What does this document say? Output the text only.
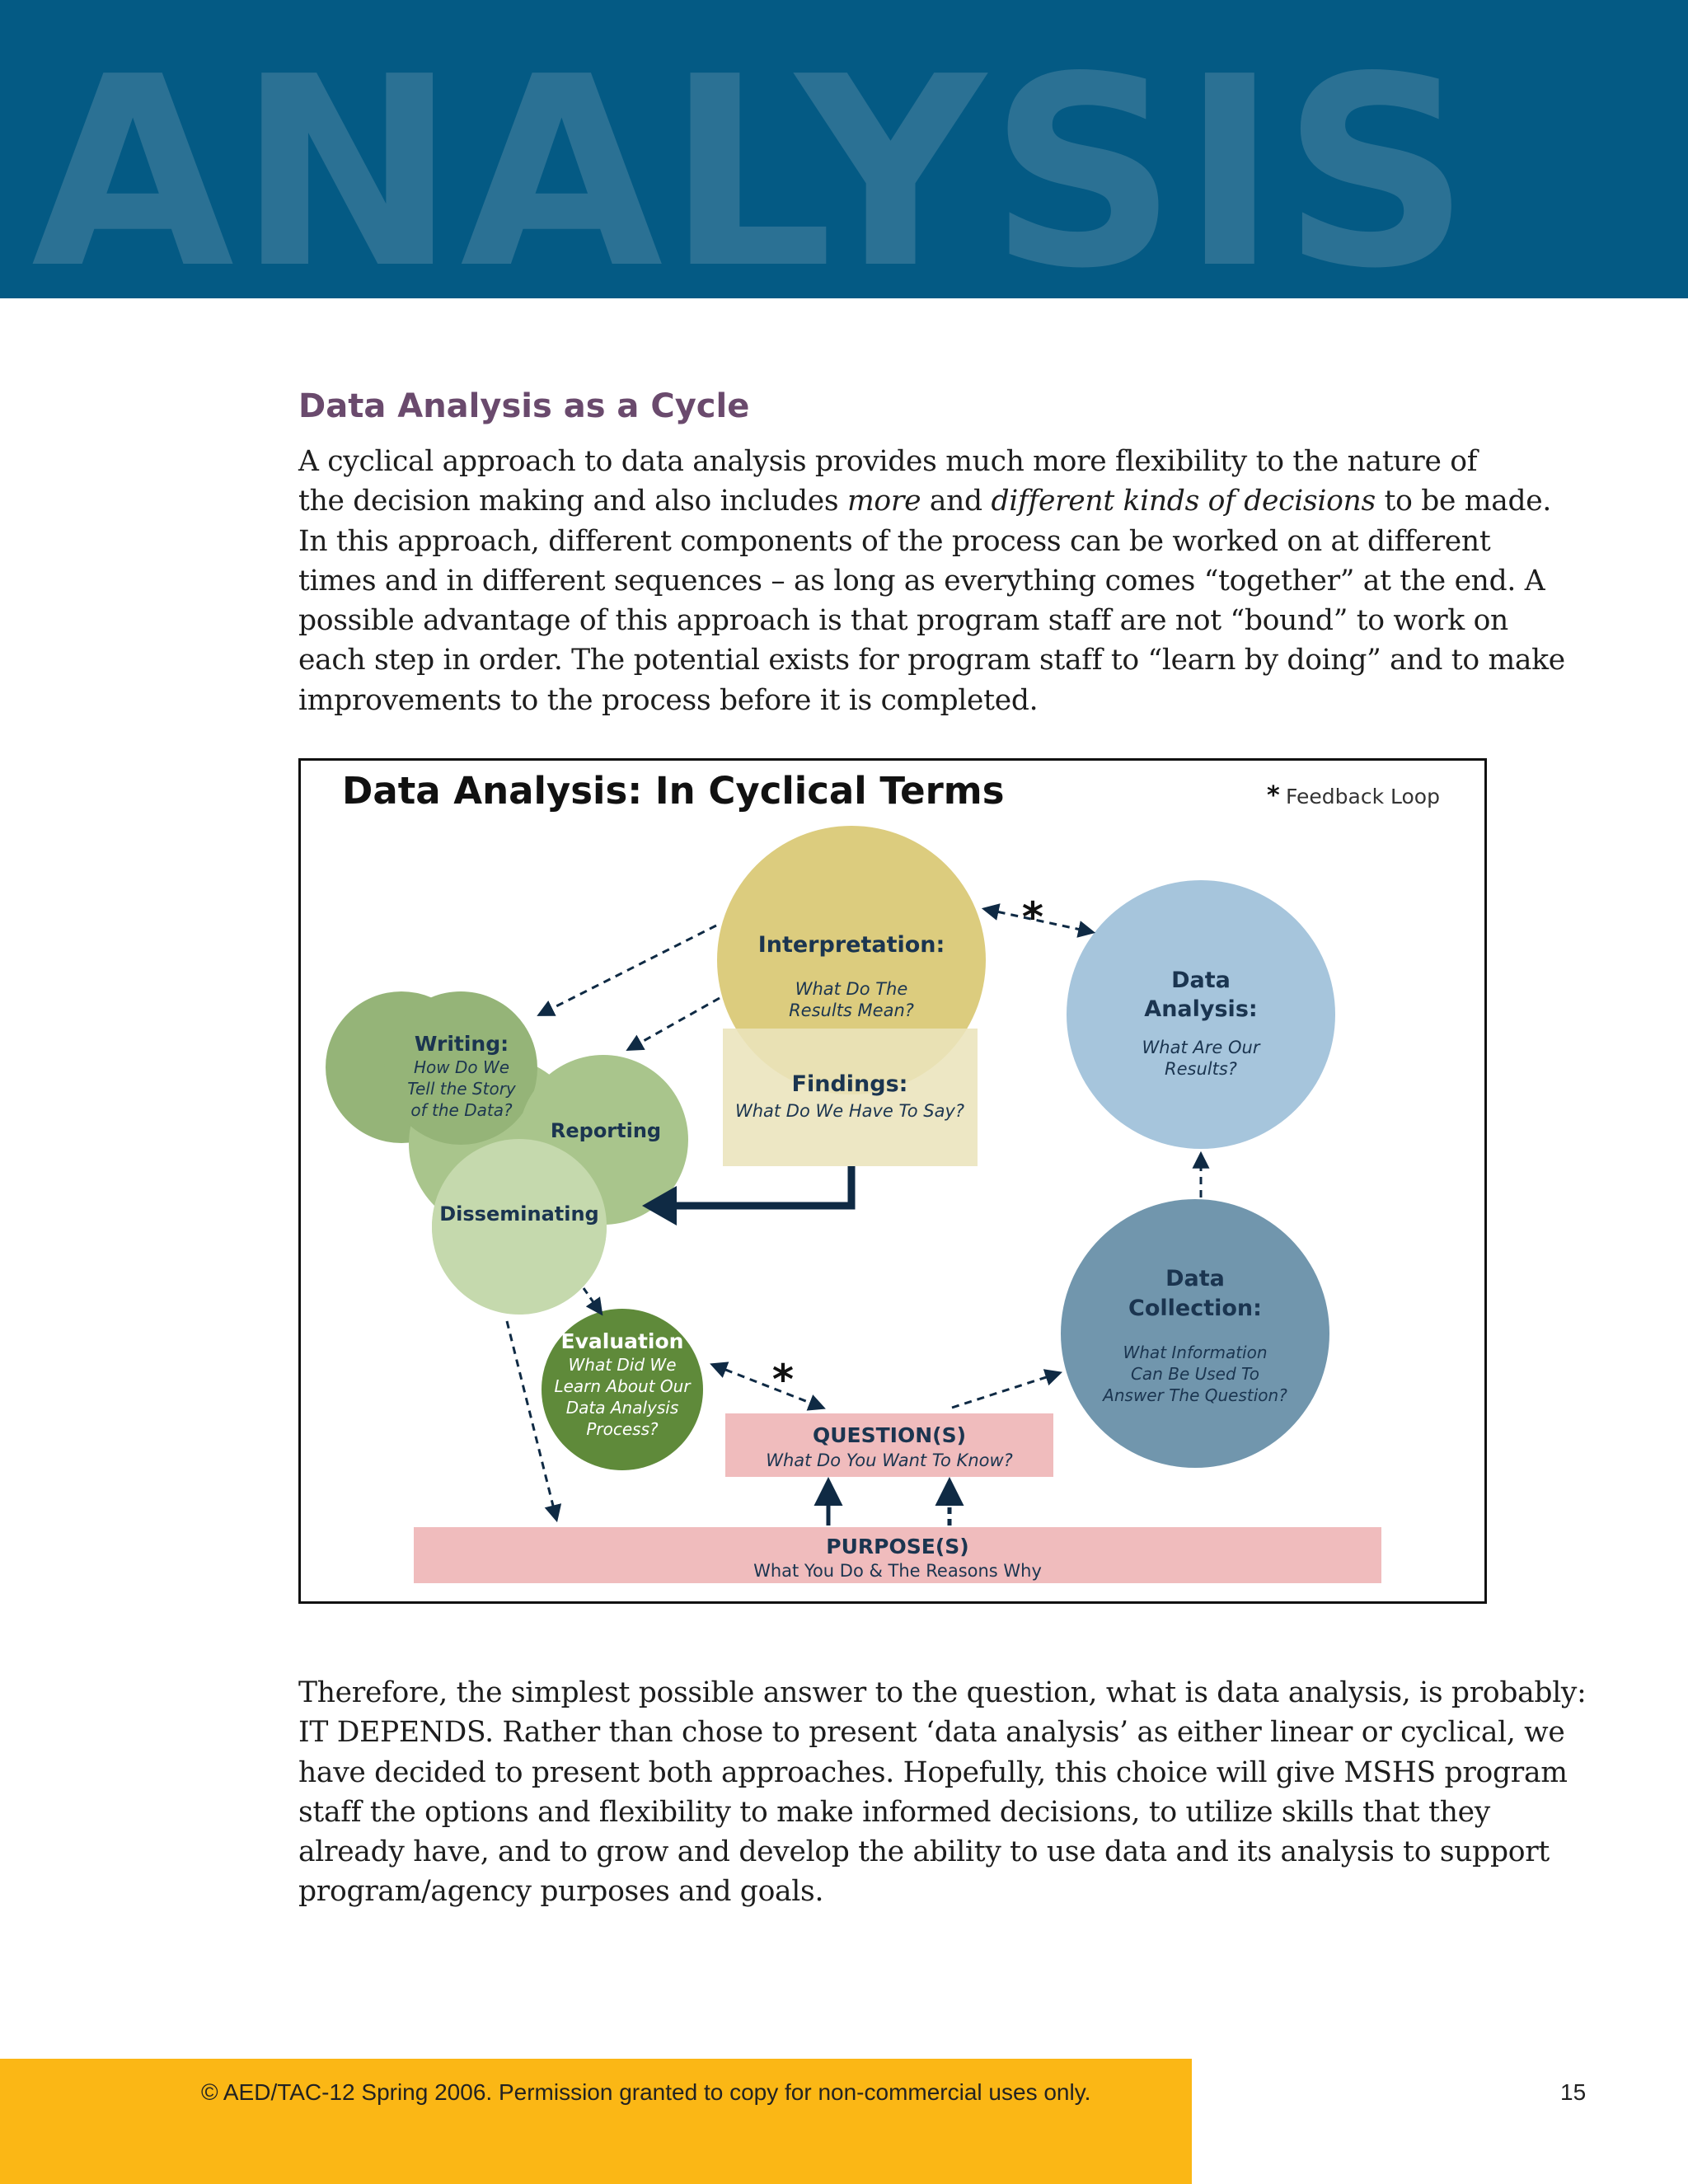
ANALYSIS
Data Analysis as a Cycle

A cyclical approach to data analysis provides much more flexibility to the nature of
the decision making and also includes more and different kinds of decisions to be made.
In this approach, different components of the process can be worked on at different
times and in different sequences – as long as everything comes “together” at the end. A
possible advantage of this approach is that program staff are not “bound” to work on
each step in order. The potential exists for program staff to “learn by doing” and to make
improvements to the process before it is completed.

Data Analysis: In Cyclical Terms	* Feedback Loop
PURPOSE(S)
What You Do & The Reasons Why
QUESTION(S)
What Do You Want To Know?
Data
Analysis:
What Are Our
Results?
Data
Collection:
What Information
Can Be Used To
Answer The Question?
Interpretation:
What Do The
Results Mean?
Findings:
What Do We Have To Say?
Writing:
How Do We
Tell the Story
of the Data?
Reporting
Disseminating
Evaluation
What Did We
Learn About Our
Data Analysis
Process?
*
*

Therefore, the simplest possible answer to the question, what is data analysis, is probably:
IT DEPENDS. Rather than chose to present ‘data analysis’ as either linear or cyclical, we
have decided to present both approaches. Hopefully, this choice will give MSHS program
staff the options and flexibility to make informed decisions, to utilize skills that they
already have, and to grow and develop the ability to use data and its analysis to support
program/agency purposes and goals.

© AED/TAC-12 Spring 2006. Permission granted to copy for non-commercial uses only.	15
